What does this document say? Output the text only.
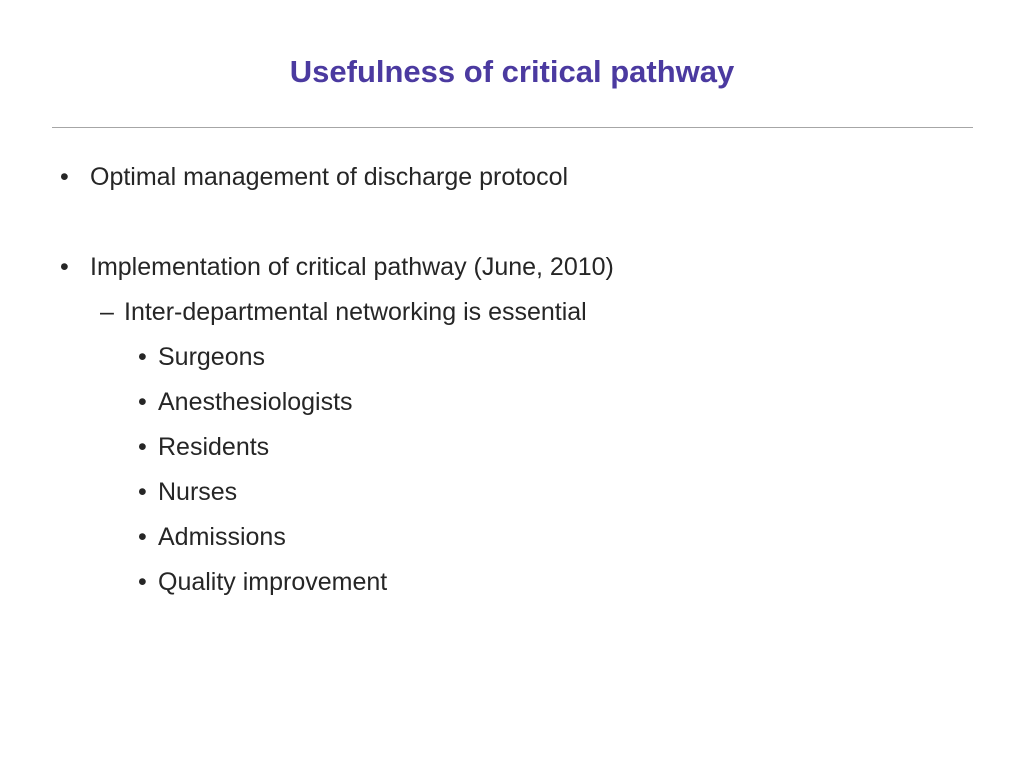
Usefulness of critical pathway
• Optimal management of discharge protocol
• Implementation of critical pathway (June, 2010)
– Inter-departmental networking is essential
• Surgeons
• Anesthesiologists
• Residents
• Nurses
• Admissions
• Quality improvement
